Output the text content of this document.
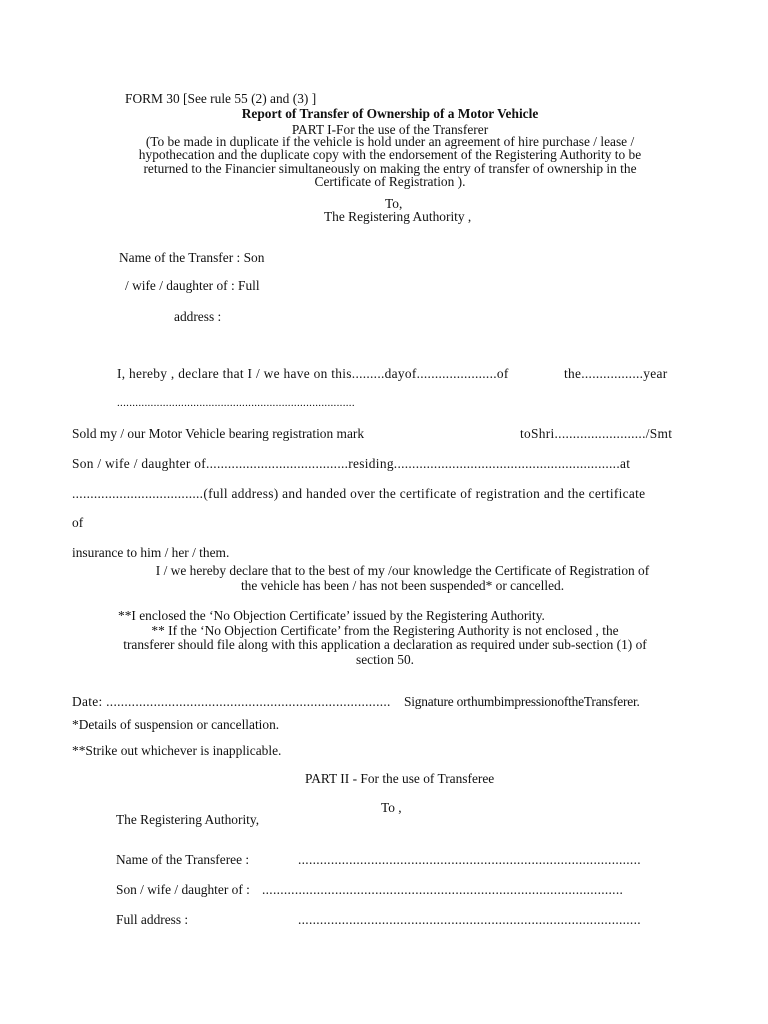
FORM 30 [See rule 55 (2) and (3) ]
Report of Transfer of Ownership of a Motor Vehicle
PART I-For the use of the Transferer
(To be made in duplicate if the vehicle is hold under an agreement of hire purchase / lease /
hypothecation and the duplicate copy with the endorsement of the Registering Authority to be
returned to the Financier simultaneously on making the entry of transfer of ownership in the
Certificate of Registration ).
To,
The Registering Authority ,
Name of the Transfer : Son
/ wife / daughter of : Full
address :
I, hereby , declare that I / we have on this.........dayof......................of	the.................year
..............................................................................
Sold my / our Motor Vehicle bearing registration mark	toShri........................./Smt
Son / wife / daughter of.......................................residing..............................................................at
....................................(full address) and handed over the certificate of registration and the certificate
of
insurance to him / her / them.
I / we hereby declare that to the best of my /our knowledge the Certificate of Registration of
the vehicle has been / has not been suspended* or cancelled.
**I enclosed the ‘No Objection Certificate’ issued by the Registering Authority.
** If the ‘No Objection Certificate’ from the Registering Authority is not enclosed , the
transferer should file along with this application a declaration as required under sub-section (1) of
section 50.
Date: .............................................................................. Signature orthumbimpressionoftheTransferer.
*Details of suspension or cancellation.
**Strike out whichever is inapplicable.
PART II - For the use of Transferee
To ,
The Registering Authority,
Name of the Transferee :	..............................................................................................
Son / wife / daughter of : ...................................................................................................
Full address :	..............................................................................................
